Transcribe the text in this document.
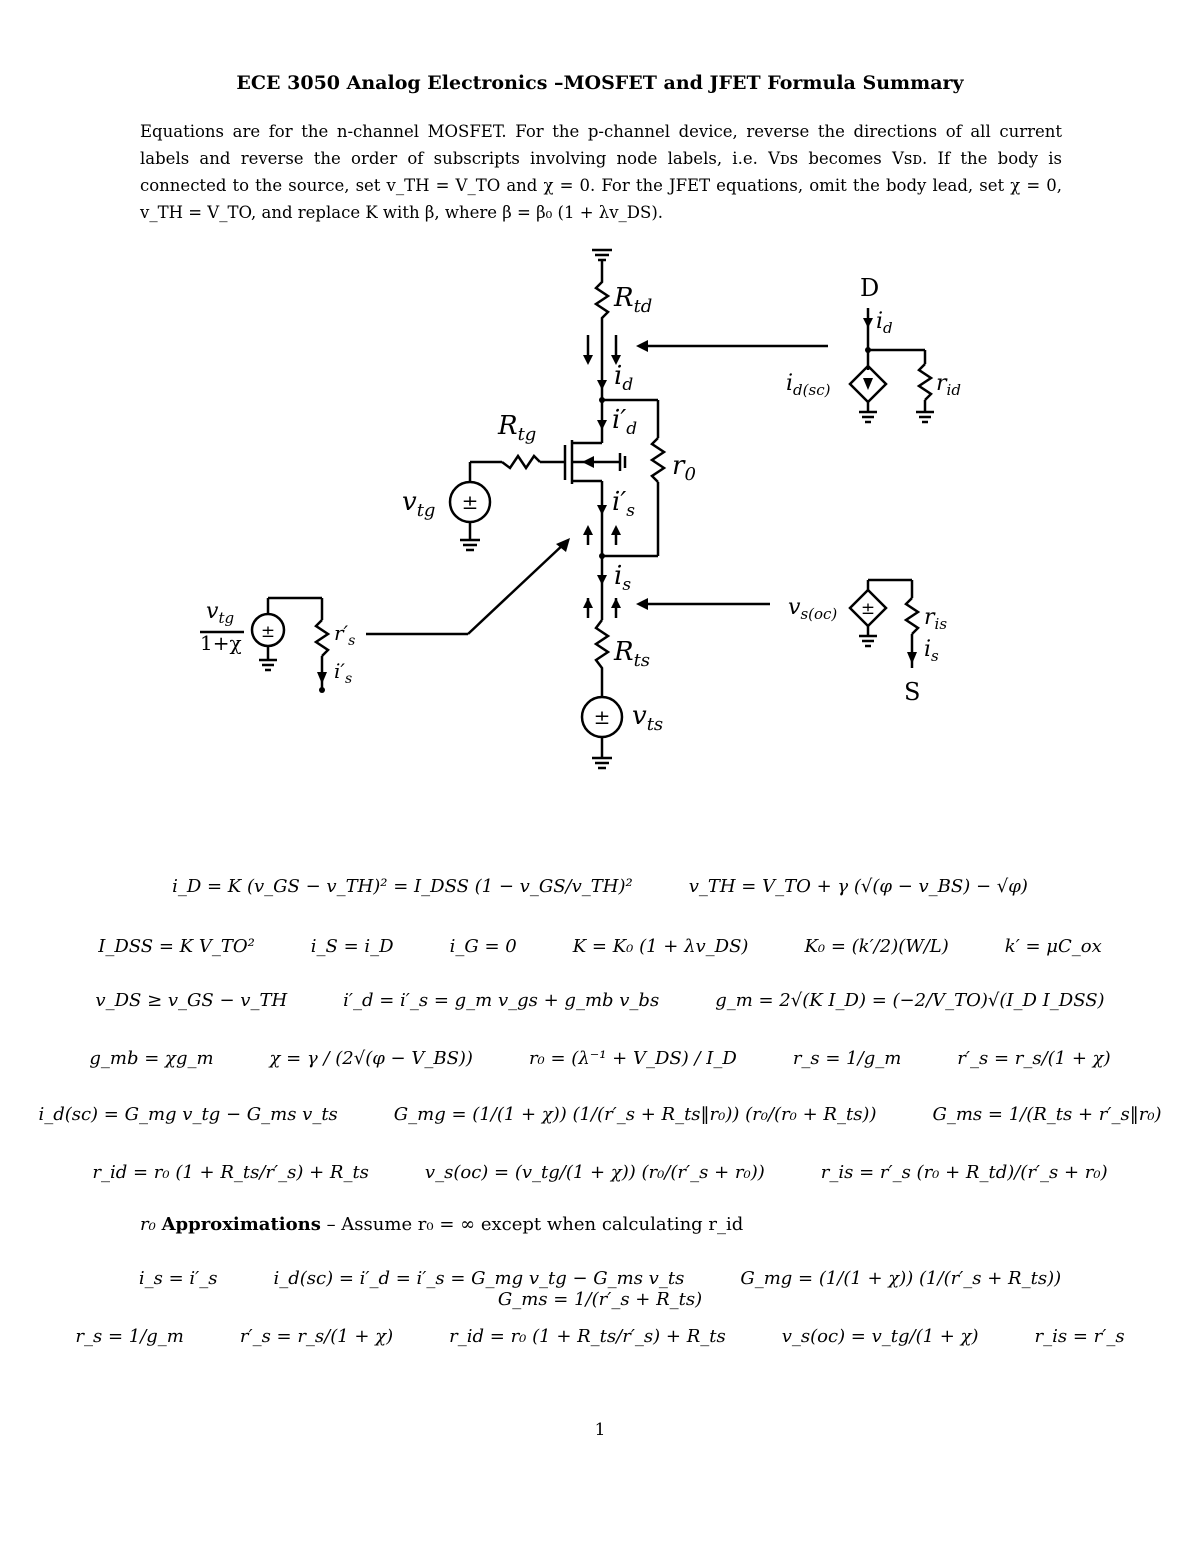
ECE 3050 Analog Electronics –MOSFET and JFET Formula Summary
Equations are for the n-channel MOSFET. For the p-channel device, reverse the directions of all current labels and reverse the order of subscripts involving node labels, i.e. Vᴅꜱ becomes Vꜱᴅ. If the body is connected to the source, set v_TH = V_TO and χ = 0. For the JFET equations, omit the body lead, set χ = 0, v_TH = V_TO, and replace K with β, where β = β₀ (1 + λv_DS).
$R_{td}$
$i_d$
$i'_d$
$R_{tg}$
$r_0$
$v_{tg}$	$i'_s$
$i_s$
$R_{ts}$
$v_{ts}$
$i_d$
$i_{d(sc)}$	$r_{id}$
$v_{s(oc)}$	$r_{is}$
$i_s$
$v_{tg}$
$r'_s$
$i'_s$
D
S
1+χ
±
±
±
±
i_D = K (v_GS − v_TH)² = I_DSS (1 − v_GS/v_TH)²	v_TH = V_TO + γ (√(φ − v_BS) − √φ)
I_DSS = K V_TO²	i_S = i_D	i_G = 0	K = K₀ (1 + λv_DS)	K₀ = (k′/2)(W/L)	k′ = μC_ox
v_DS ≥ v_GS − v_TH	i′_d = i′_s = g_m v_gs + g_mb v_bs	g_m = 2√(K I_D) = (−2/V_TO)√(I_D I_DSS)
g_mb = χg_m	χ = γ / (2√(φ − V_BS))	r₀ = (λ⁻¹ + V_DS) / I_D	r_s = 1/g_m	r′_s = r_s/(1 + χ)
i_d(sc) = G_mg v_tg − G_ms v_ts	G_mg = (1/(1 + χ)) (1/(r′_s + R_ts‖r₀)) (r₀/(r₀ + R_ts))	G_ms = 1/(R_ts + r′_s‖r₀)
r_id = r₀ (1 + R_ts/r′_s) + R_ts	v_s(oc) = (v_tg/(1 + χ)) (r₀/(r′_s + r₀))	r_is = r′_s (r₀ + R_td)/(r′_s + r₀)
r₀ Approximations – Assume r₀ = ∞ except when calculating r_id
i_s = i′_s	i_d(sc) = i′_d = i′_s = G_mg v_tg − G_ms v_ts	G_mg = (1/(1 + χ)) (1/(r′_s + R_ts))G_ms = 1/(r′_s + R_ts)
r_s = 1/g_m	r′_s = r_s/(1 + χ)	r_id = r₀ (1 + R_ts/r′_s) + R_ts	v_s(oc) = v_tg/(1 + χ)	r_is = r′_s
1
